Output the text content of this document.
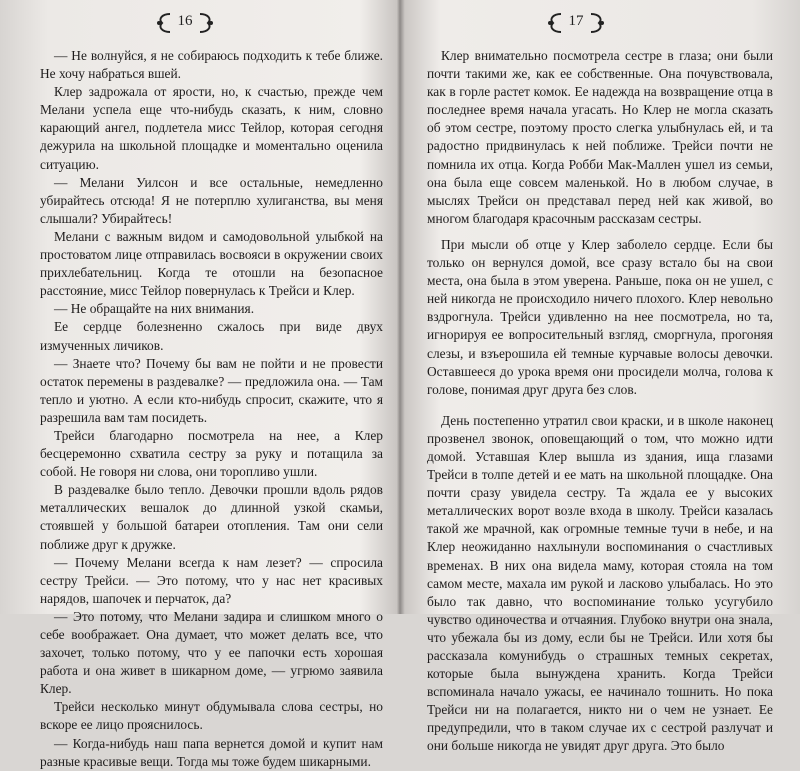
16

— Не волнуйся, я не собираюсь подходить к тебе ближе. Не хочу набраться вшей.

Клер задрожала от ярости, но, к счастью, прежде чем Мелани успела еще что-нибудь сказать, к ним, словно карающий ангел, подлетела мисс Тейлор, которая сегодня дежурила на школьной площадке и моментально оценила ситуацию.

— Мелани Уилсон и все остальные, немедленно убирайтесь отсюда! Я не потерплю хулиганства, вы меня слышали? Убирайтесь!

Мелани с важным видом и самодовольной улыбкой на простоватом лице отправилась восвояси в окружении своих прихлебательниц. Когда те отошли на безопасное расстояние, мисс Тейлор повернулась к Трейси и Клер.

— Не обращайте на них внимания.

Ее сердце болезненно сжалось при виде двух измученных личиков.

— Знаете что? Почему бы вам не пойти и не провести остаток перемены в раздевалке? — предложила она. — Там тепло и уютно. А если кто-нибудь спросит, скажите, что я разрешила вам там посидеть.

Трейси благодарно посмотрела на нее, а Клер бесцеремонно схватила сестру за руку и потащила за собой. Не говоря ни слова, они торопливо ушли.

В раздевалке было тепло. Девочки прошли вдоль рядов металлических вешалок до длинной узкой скамьи, стоявшей у большой батареи отопления. Там они сели поближе друг к дружке.

— Почему Мелани всегда к нам лезет? — спросила сестру Трейси. — Это потому, что у нас нет красивых нарядов, шапочек и перчаток, да?

— Это потому, что Мелани задира и слишком много о себе воображает. Она думает, что может делать все, что захочет, только потому, что у ее папочки есть хорошая работа и она живет в шикарном доме, — угрюмо заявила Клер.

Трейси несколько минут обдумывала слова сестры, но вскоре ее лицо прояснилось.

— Когда-нибудь наш папа вернется домой и купит нам разные красивые вещи. Тогда мы тоже будем шикарными.

17

Клер внимательно посмотрела сестре в глаза; они были почти такими же, как ее собственные. Она почувствовала, как в горле растет комок. Ее надежда на возвращение отца в последнее время начала угасать. Но Клер не могла сказать об этом сестре, поэтому просто слегка улыбнулась ей, и та радостно придвинулась к ней поближе. Трейси почти не помнила их отца. Когда Робби Мак-Маллен ушел из семьи, она была еще совсем маленькой. Но в любом случае, в мыслях Трейси он представал перед ней как живой, во многом благодаря красочным рассказам сестры.

При мысли об отце у Клер заболело сердце. Если бы только он вернулся домой, все сразу встало бы на свои места, она была в этом уверена. Раньше, пока он не ушел, с ней никогда не происходило ничего плохого. Клер невольно вздрогнула. Трейси удивленно на нее посмотрела, но та, игнорируя ее вопросительный взгляд, сморгнула, прогоняя слезы, и взъерошила ей темные курчавые волосы девочки. Оставшееся до урока время они просидели молча, голова к голове, понимая друг друга без слов.

День постепенно утратил свои краски, и в школе наконец прозвенел звонок, оповещающий о том, что можно идти домой. Уставшая Клер вышла из здания, ища глазами Трейси в толпе детей и ее мать на школьной площадке. Она почти сразу увидела сестру. Та ждала ее у высоких металлических ворот возле входа в школу. Трейси казалась такой же мрачной, как огромные темные тучи в небе, и на Клер неожиданно нахлынули воспоминания о счастливых временах. В них она видела маму, которая стояла на том самом месте, махала им рукой и ласково улыбалась. Но это было так давно, что воспоминание только усугубило чувство одиночества и отчаяния. Глубоко внутри она знала, что убежала бы из дому, если бы не Трейси. Или хотя бы рассказала комунибудь о страшных темных секретах, которые была вынуждена хранить. Когда Трейси вспоминала начало ужасы, ее начинало тошнить. Но пока Трейси ни на полагается, никто ни о чем не узнает. Ее предупредили, что в таком случае их с сестрой разлучат и они больше никогда не увидят друг друга. Это было
